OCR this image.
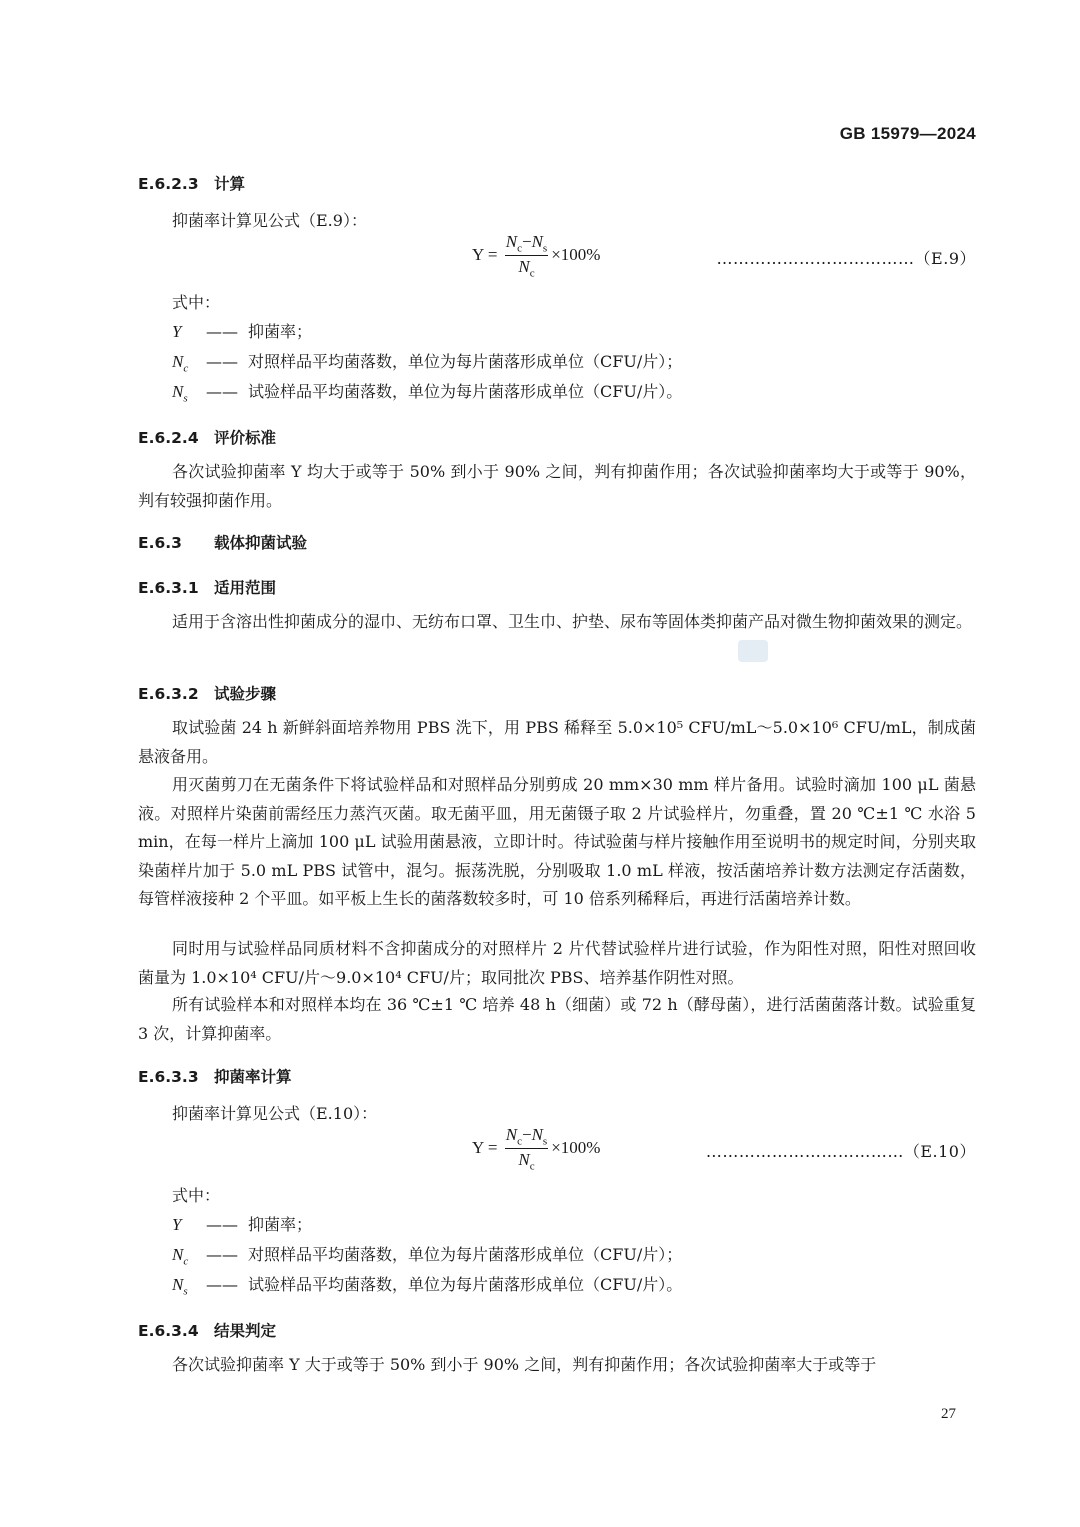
GB 15979—2024
E.6.2.3 计算
抑菌率计算见公式（E.9）：
$Y = \frac{N_c-N_s}{N_c} \times 100\%$	………………………………（E.9）
式中：
Y —— 抑菌率；
$N_c$ —— 对照样品平均菌落数，单位为每片菌落形成单位（CFU/片）；
$N_s$ —— 试验样品平均菌落数，单位为每片菌落形成单位（CFU/片）。
E.6.2.4 评价标准
各次试验抑菌率 Y 均大于或等于 50% 到小于 90% 之间，判有抑菌作用；各次试验抑菌率均大于或等于 90%，判有较强抑菌作用。
E.6.3 载体抑菌试验
E.6.3.1 适用范围
适用于含溶出性抑菌成分的湿巾、无纺布口罩、卫生巾、护垫、尿布等固体类抑菌产品对微生物抑菌效果的测定。
E.6.3.2 试验步骤
取试验菌 24 h 新鲜斜面培养物用 PBS 洗下，用 PBS 稀释至 5.0×10⁵ CFU/mL～5.0×10⁶ CFU/mL，制成菌悬液备用。
用灭菌剪刀在无菌条件下将试验样品和对照样品分别剪成 20 mm×30 mm 样片备用。试验时滴加 100 μL 菌悬液。对照样片染菌前需经压力蒸汽灭菌。取无菌平皿，用无菌镊子取 2 片试验样片，勿重叠，置 20 ℃±1 ℃ 水浴 5 min，在每一样片上滴加 100 μL 试验用菌悬液，立即计时。待试验菌与样片接触作用至说明书的规定时间，分别夹取染菌样片加于 5.0 mL PBS 试管中，混匀。振荡洗脱，分别吸取 1.0 mL 样液，按活菌培养计数方法测定存活菌数，每管样液接种 2 个平皿。如平板上生长的菌落数较多时，可 10 倍系列稀释后，再进行活菌培养计数。
同时用与试验样品同质材料不含抑菌成分的对照样片 2 片代替试验样片进行试验，作为阳性对照，阳性对照回收菌量为 1.0×10⁴ CFU/片～9.0×10⁴ CFU/片；取同批次 PBS、培养基作阴性对照。
所有试验样本和对照样本均在 36 ℃±1 ℃ 培养 48 h（细菌）或 72 h（酵母菌），进行活菌菌落计数。试验重复 3 次，计算抑菌率。
E.6.3.3 抑菌率计算
抑菌率计算见公式（E.10）：
$Y = \frac{N_c-N_s}{N_c} \times 100\%$	………………………………（E.10）
式中：
Y —— 抑菌率；
$N_c$ —— 对照样品平均菌落数，单位为每片菌落形成单位（CFU/片）；
$N_s$ —— 试验样品平均菌落数，单位为每片菌落形成单位（CFU/片）。
E.6.3.4 结果判定
各次试验抑菌率 Y 大于或等于 50% 到小于 90% 之间，判有抑菌作用；各次试验抑菌率大于或等于
27
